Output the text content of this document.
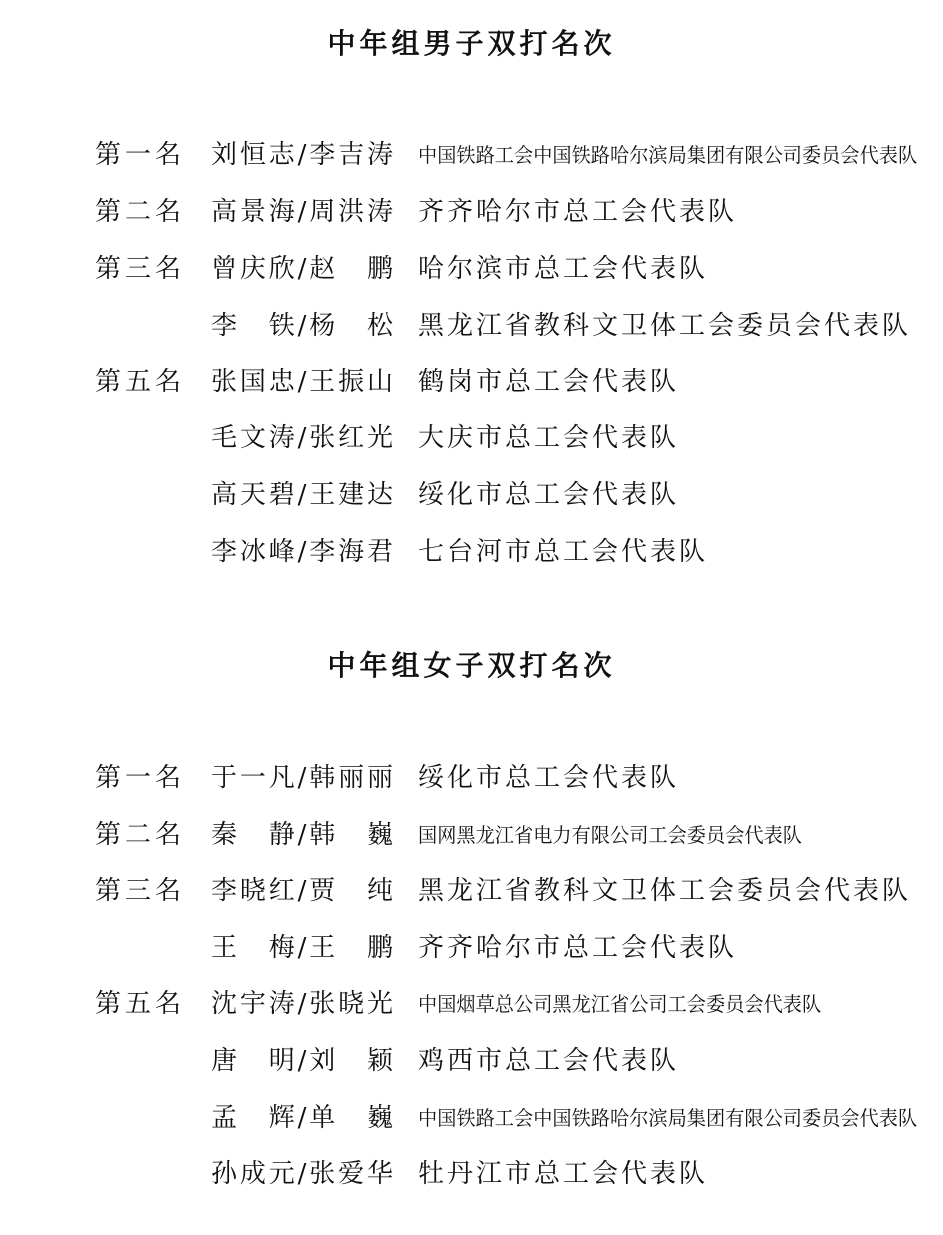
中年组男子双打名次
第一名 刘恒志/李吉涛 中国铁路工会中国铁路哈尔滨局集团有限公司委员会代表队
第二名 高景海/周洪涛 齐齐哈尔市总工会代表队
第三名 曾庆欣/赵　鹏 哈尔滨市总工会代表队
李　铁/杨　松 黑龙江省教科文卫体工会委员会代表队
第五名 张国忠/王振山 鹤岗市总工会代表队
毛文涛/张红光 大庆市总工会代表队
高天碧/王建达 绥化市总工会代表队
李冰峰/李海君 七台河市总工会代表队
中年组女子双打名次
第一名 于一凡/韩丽丽 绥化市总工会代表队
第二名 秦　静/韩　巍 国网黑龙江省电力有限公司工会委员会代表队
第三名 李晓红/贾　纯 黑龙江省教科文卫体工会委员会代表队
王　梅/王　鹏 齐齐哈尔市总工会代表队
第五名 沈宇涛/张晓光 中国烟草总公司黑龙江省公司工会委员会代表队
唐　明/刘　颖 鸡西市总工会代表队
孟　辉/单　巍 中国铁路工会中国铁路哈尔滨局集团有限公司委员会代表队
孙成元/张爱华 牡丹江市总工会代表队
